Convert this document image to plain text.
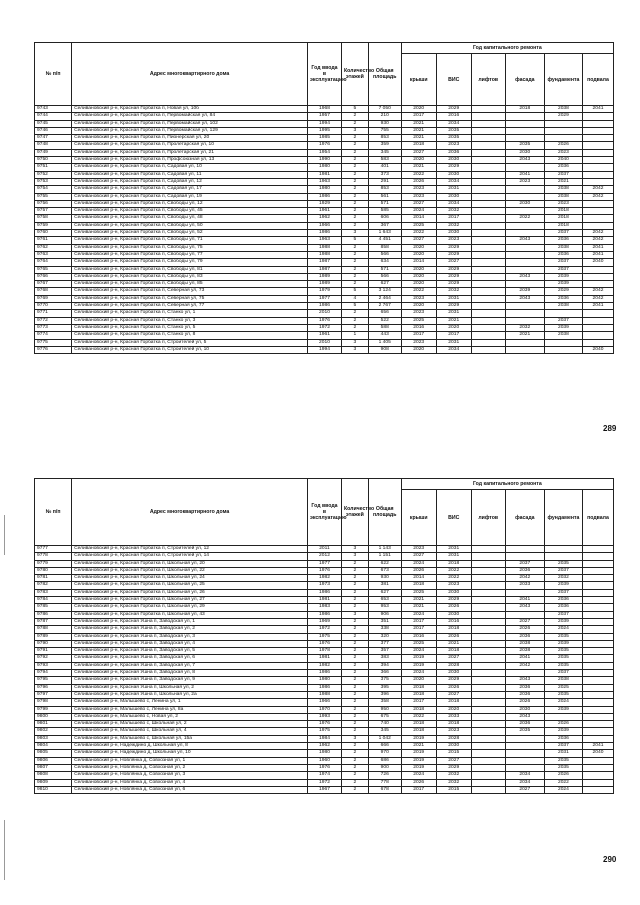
№ п/п	Адрес многоквартирного дома	Год ввода в эксплуатацию	Количество этажей	Общая площадь	Год капитального ремонта					
					крыши	ВИС	лифтов	фасада	фундамента	подвала
9743	Селивановский р-н, Красная Горбатка п, Новая ул, 10б	1968	5	7 050	2020	2029		2018	2038	2041
9744	Селивановский р-н, Красная Горбатка п, Первомайская ул, 84	1957	2	210	2017	2016			2029	
9745	Селивановский р-н, Красная Горбатка п, Первомайская ул, 102	1994	2	930	2021	2034				
9746	Селивановский р-н, Красная Горбатка п, Первомайская ул, 129	1995	3	755	2021	2035				
9747	Селивановский р-н, Красная Горбатка п, Пионерская ул, 20	1985	2	853	2021	2035				
9748	Селивановский р-н, Красная Горбатка п, Пролетарская ул, 10	1976	2	359	2018	2023		2035	2026	
9749	Селивановский р-н, Красная Горбатка п, Пролетарская ул, 21	1954	2	345	2027	2036		2030	2023	
9750	Селивановский р-н, Красная Горбатка п, Профсоюзная ул, 13	1990	2	583	2020	2030		2043	2040	
9751	Селивановский р-н, Красная Горбатка п, Садовая ул, 10	1980	2	401	2021	2029			2036	
9752	Селивановский р-н, Красная Горбатка п, Садовая ул, 11	1981	2	373	2022	2030		2041	2037	
9753	Селивановский р-н, Красная Горбатка п, Садовая ул, 12	1963	2	291	2026	2034		2023	2021	
9754	Селивановский р-н, Красная Горбатка п, Садовая ул, 17	1980	2	853	2023	2031			2038	2042
9755	Селивановский р-н, Красная Горбатка п, Садовая ул, 19	1986	2	561	2023	2030			2038	2042
9756	Селивановский р-н, Красная Горбатка п, Свободы ул, 12	1929	2	571	2027	2034		2030	2023	
9757	Селивановский р-н, Красная Горбатка п, Свободы ул, 45	1961	2	585	2024	2032			2018	
9758	Селивановский р-н, Красная Горбатка п, Свободы ул, 48	1962	2	606	2014	2017		2022	2018	
9759	Селивановский р-н, Красная Горбатка п, Свободы ул, 50	1966	2	367	2025	2032			2018	
9760	Селивановский р-н, Красная Горбатка п, Свободы ул, 52	1986	3	1 643	2022	2030			2037	2042
9761	Селивановский р-н, Красная Горбатка п, Свободы ул, 71	1963	5	4 451	2027	2023		2043	2036	2042
9762	Селивановский р-н, Красная Горбатка п, Свободы ул, 75	1988	2	858	2020	2029			2038	2041
9763	Селивановский р-н, Красная Горбатка п, Свободы ул, 77	1988	2	566	2020	2029			2036	2041
9764	Селивановский р-н, Красная Горбатка п, Свободы ул, 79	1987	2	634	2014	2027			2037	2040
9765	Селивановский р-н, Красная Горбатка п, Свободы ул, 81	1987	2	571	2020	2029			2037	
9766	Селивановский р-н, Красная Горбатка п, Свободы ул, 83	1989	2	566	2020	2029		2043	2039	
9767	Селивановский р-н, Красная Горбатка п, Свободы ул, 85	1989	2	627	2020	2029			2039	
9768	Селивановский р-н, Красная Горбатка п, Северная ул, 73	1979	5	3 124	2022	2032		2039	2029	2042
9769	Селивановский р-н, Красная Горбатка п, Северная ул, 75	1977	4	2 464	2023	2031		2043	2036	2042
9770	Селивановский р-н, Красная Горбатка п, Северная ул, 77	1986	5	2 767	2020	2029			2038	2041
9771	Селивановский р-н, Красная Горбатка п, Станко ул, 1	2010	2	656	2023	2031				
9772	Селивановский р-н, Красная Горбатка п, Станко ул, 3	1976	2	522	2025	2021			2037	
9773	Селивановский р-н, Красная Горбатка п, Станко ул, 5	1972	2	588	2016	2020		2032	2039	
9774	Селивановский р-н, Красная Горбатка п, Станко ул, 8	1961	1	443	2017	2017		2021	2038	
9775	Селивановский р-н, Красная Горбатка п, Строителей ул, 5	2010	3	1 405	2023	2031				
9776	Селивановский р-н, Красная Горбатка п, Строителей ул, 10	1994	3	908	2020	2034				2040
289
№ п/п	Адрес многоквартирного дома	Год ввода в эксплуатацию	Количество этажей	Общая площадь	Год капитального ремонта					
					крыши	ВИС	лифтов	фасада	фундамента	подвала
9777	Селивановский р-н, Красная Горбатка п, Строителей ул, 12	2011	3	1 143	2023	2031				
9778	Селивановский р-н, Красная Горбатка п, Строителей ул, 14	2012	3	1 151	2027	2031				
9779	Селивановский р-н, Красная Горбатка п, Школьная ул, 20	1977	2	622	2024	2018		2037	2035	
9780	Селивановский р-н, Красная Горбатка п, Школьная ул, 22	1976	2	673	2026	2022		2036	2037	
9781	Селивановский р-н, Красная Горбатка п, Школьная ул, 24	1982	2	930	2014	2022		2042	2032	
9782	Селивановский р-н, Красная Горбатка п, Школьная ул, 25	1973	2	381	2018	2023		2033	2039	
9783	Селивановский р-н, Красная Горбатка п, Школьная ул, 26	1986	2	627	2025	2030			2037	
9784	Селивановский р-н, Красная Горбатка п, Школьная ул, 27	1981	2	653	2021	2029		2041	2036	
9785	Селивановский р-н, Красная Горбатка п, Школьная ул, 29	1983	2	953	2021	2026		2043	2036	
9786	Селивановский р-н, Красная Горбатка п, Школьная ул, 43	1986	3	906	2024	2030			2037	
9787	Селивановский р-н, Красная Ушна п, Заводская ул, 1	1969	2	351	2017	2016		2027	2039	
9788	Селивановский р-н, Красная Ушна п, Заводская ул, 2	1972	2	338	2017	2018		2026	2024	
9789	Селивановский р-н, Красная Ушна п, Заводская ул, 3	1975	2	320	2016	2026		2036	2035	
9790	Селивановский р-н, Красная Ушна п, Заводская ул, 4	1976	2	377	2025	2021		2038	2039	
9791	Селивановский р-н, Красная Ушна п, Заводская ул, 5	1978	2	357	2024	2018		2038	2035	
9792	Селивановский р-н, Красная Ушна п, Заводская ул, 6	1981	2	383	2019	2027		2041	2035	
9793	Селивановский р-н, Красная Ушна п, Заводская ул, 7	1982	2	394	2019	2028		2042	2035	
9794	Селивановский р-н, Красная Ушна п, Заводская ул, 8	1986	2	366	2024	2030			2037	
9795	Селивановский р-н, Красная Ушна п, Заводская ул, 9	1980	2	375	2020	2029		2043	2038	
9796	Селивановский р-н, Красная Ушна п, Школьная ул, 2	1986	2	395	2018	2026		2036	2025	
9797	Селивановский р-н, Красная Ушна п, Школьная ул, 2а	1988	2	396	2018	2027		2036	2035	
9798	Селивановский р-н, Малышево с, Ленина ул, 1	1966	2	358	2017	2018		2026	2024	
9799	Селивановский р-н, Малышево с, Ленина ул, 8а	1970	2	950	2018	2020		2030	2039	
9800	Селивановский р-н, Малышево с, Новая ул, 2	1993	2	675	2022	2033		2043		
9801	Селивановский р-н, Малышево с, Школьная ул, 2	1976	2	740	2018	2018		2036	2026	
9802	Селивановский р-н, Малышево с, Школьная ул, 4	1975	2	345	2018	2023		2035	2039	
9803	Селивановский р-н, Малышево с, Школьная ул, 15а	1984	3	1 042	2019	2028			2036	
9804	Селивановский р-н, Надеждино д, Школьная ул, 8	1962	2	666	2021	2030			2037	2041
9805	Селивановский р-н, Надеждино д, Школьная ул, 10	1980	2	970	2019	2015			2031	2040
9806	Селивановский р-н, Новлянка д, Совхозная ул, 1	1960	2	686	2019	2027			2035	
9807	Селивановский р-н, Новлянка д, Совхозная ул, 2	1976	2	900	2019	2029			2035	
9808	Селивановский р-н, Новлянка д, Совхозная ул, 3	1974	2	726	2024	2032		2034	2026	
9809	Селивановский р-н, Новлянка д, Совхозная ул, 4	1972	2	778	2026	2032		2034	2022	
9810	Селивановский р-н, Новлянка д, Совхозная ул, 6	1967	2	678	2017	2015		2027	2024	
290
